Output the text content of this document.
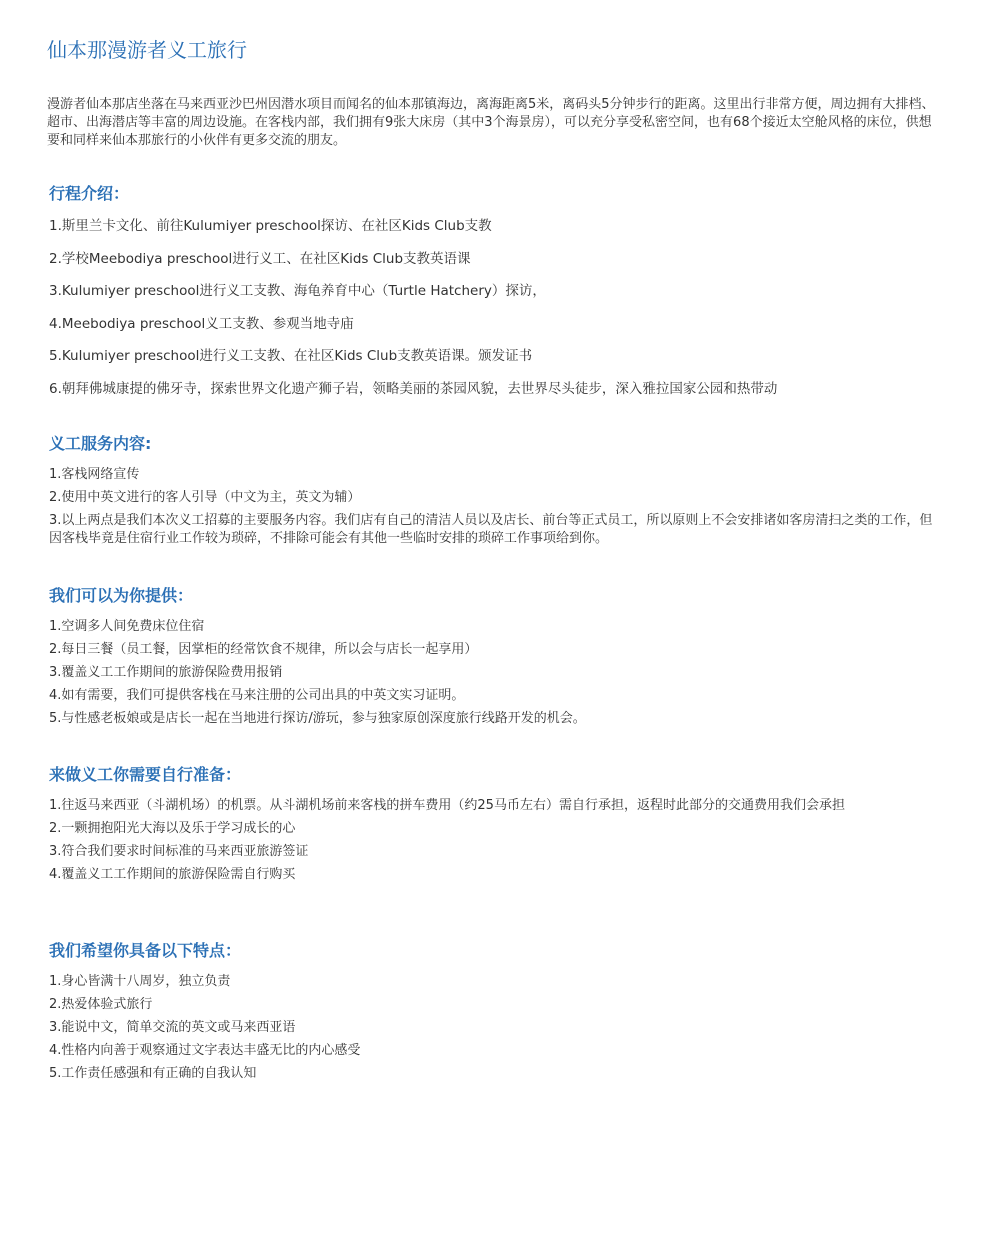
仙本那漫游者义工旅行

漫游者仙本那店坐落在马来西亚沙巴州因潜水项目而闻名的仙本那镇海边，离海距离5米，离码头5分钟步行的距离。这里出行非常方便，周边拥有大排档、超市、出海潜店等丰富的周边设施。在客栈内部，我们拥有9张大床房（其中3个海景房），可以充分享受私密空间，也有68个接近太空舱风格的床位，供想要和同样来仙本那旅行的小伙伴有更多交流的朋友。

行程介绍：
1.斯里兰卡文化、前往Kulumiyer preschool探访、在社区Kids Club支教
2.学校Meebodiya preschool进行义工、在社区Kids Club支教英语课
3.Kulumiyer preschool进行义工支教、海龟养育中心（Turtle Hatchery）探访，
4.Meebodiya preschool义工支教、参观当地寺庙
5.Kulumiyer preschool进行义工支教、在社区Kids Club支教英语课。颁发证书
6.朝拜佛城康提的佛牙寺，探索世界文化遗产狮子岩，领略美丽的茶园风貌，去世界尽头徒步，深入雅拉国家公园和热带动
义工服务内容:
1.客栈网络宣传
2.使用中英文进行的客人引导（中文为主，英文为辅）
3.以上两点是我们本次义工招募的主要服务内容。我们店有自己的清洁人员以及店长、前台等正式员工，所以原则上不会安排诸如客房清扫之类的工作，但因客栈毕竟是住宿行业工作较为琐碎，不排除可能会有其他一些临时安排的琐碎工作事项给到你。
我们可以为你提供：
1.空调多人间免费床位住宿
2.每日三餐（员工餐，因掌柜的经常饮食不规律，所以会与店长一起享用）
3.覆盖义工工作期间的旅游保险费用报销
4.如有需要，我们可提供客栈在马来注册的公司出具的中英文实习证明。
5.与性感老板娘或是店长一起在当地进行探访/游玩，参与独家原创深度旅行线路开发的机会。
来做义工你需要自行准备：
1.往返马来西亚（斗湖机场）的机票。从斗湖机场前来客栈的拼车费用（约25马币左右）需自行承担，返程时此部分的交通费用我们会承担
2.一颗拥抱阳光大海以及乐于学习成长的心
3.符合我们要求时间标准的马来西亚旅游签证
4.覆盖义工工作期间的旅游保险需自行购买
我们希望你具备以下特点：
1.身心皆满十八周岁，独立负责
2.热爱体验式旅行
3.能说中文，简单交流的英文或马来西亚语
4.性格内向善于观察通过文字表达丰盛无比的内心感受
5.工作责任感强和有正确的自我认知
